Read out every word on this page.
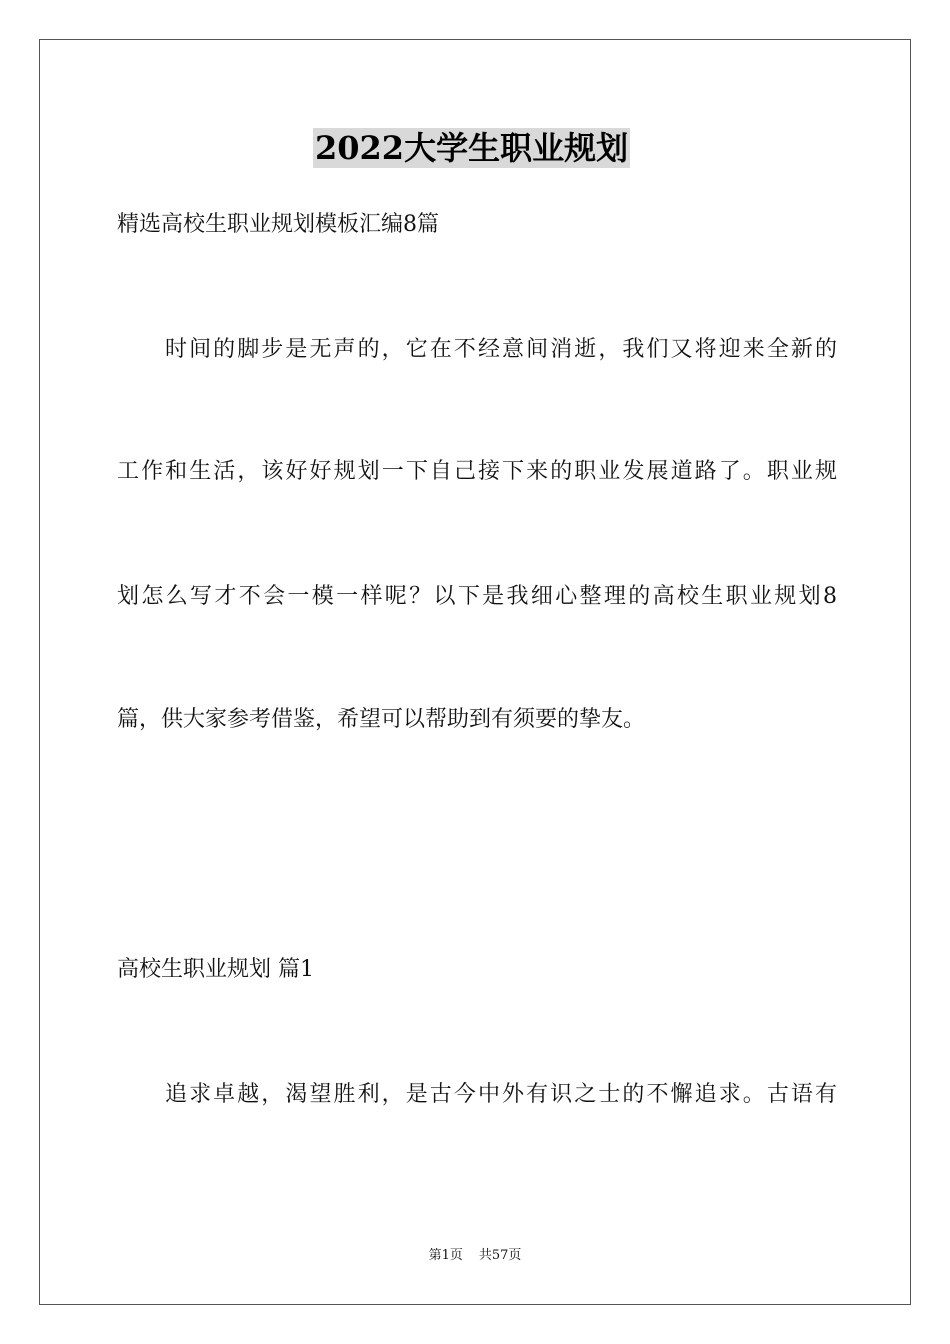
2022大学生职业规划
精选高校生职业规划模板汇编8篇
时间的脚步是无声的，它在不经意间消逝，我们又将迎来全新的
工作和生活，该好好规划一下自己接下来的职业发展道路了。职业规
划怎么写才不会一模一样呢？以下是我细心整理的高校生职业规划8
篇，供大家参考借鉴，希望可以帮助到有须要的挚友。
高校生职业规划 篇1
追求卓越，渴望胜利，是古今中外有识之士的不懈追求。古语有
第1页 共57页
